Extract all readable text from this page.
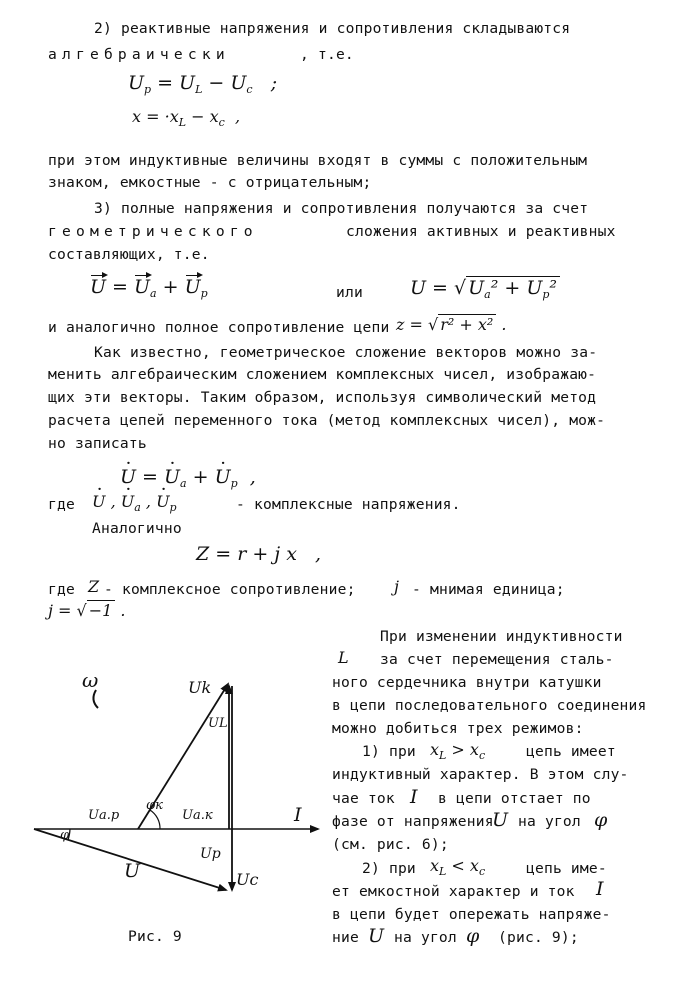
2) реактивные напряжения и сопротивления складываются
алгебраически	, т.е.
$U_p = U_L - U_c$   ;
$x = \cdot x_L - x_c$  ,
при этом индуктивные величины входят в суммы с положительным
знаком, емкостные - с отрицательным;
3) полные напряжения и сопротивления получаются за счет
геометрического	сложения активных и реактивных
составляющих, т.е.
$U = U_a + U_p$	или U = √ $U_a^2 + U_p^2$
и аналогично полное сопротивление цепи z = √ r² + x² .
Как известно, геометрическое сложение векторов можно за-
менить алгебраическим сложением комплексных чисел, изображаю-
щих эти векторы. Таким образом, используя символический метод
расчета цепей переменного тока (метод комплексных чисел), мож-
но записать
· U = · $U_a$ + · $U_p$  ,
где
· U , · $U_a$ , · $U_p$	- комплексные напряжения.
Аналогично
Z = r + j x   ,
где Z - комплексное сопротивление; j - мнимая единица;
j = √ −1 .
При изменении индуктивности
L за счет перемещения сталь-
ного сердечника внутри катушки
в цепи последовательного соединения
можно добиться трех режимов:
1) при $x_L > x_c$	цепь имеет
индуктивный характер. В этом слу-
чае ток I в цепи отстает по
фазе от напряжения
U на угол φ
(см. рис. 6);
2) при $x_L < x_c$	цепь име-
ет емкостной характер и ток I
в цепи будет опережать напряже-
ние U на угол φ (рис. 9);
ω	Uk
UL
φк
Ua.p	Ua.к	I
φ
U
Up
Uc
Рис. 9
